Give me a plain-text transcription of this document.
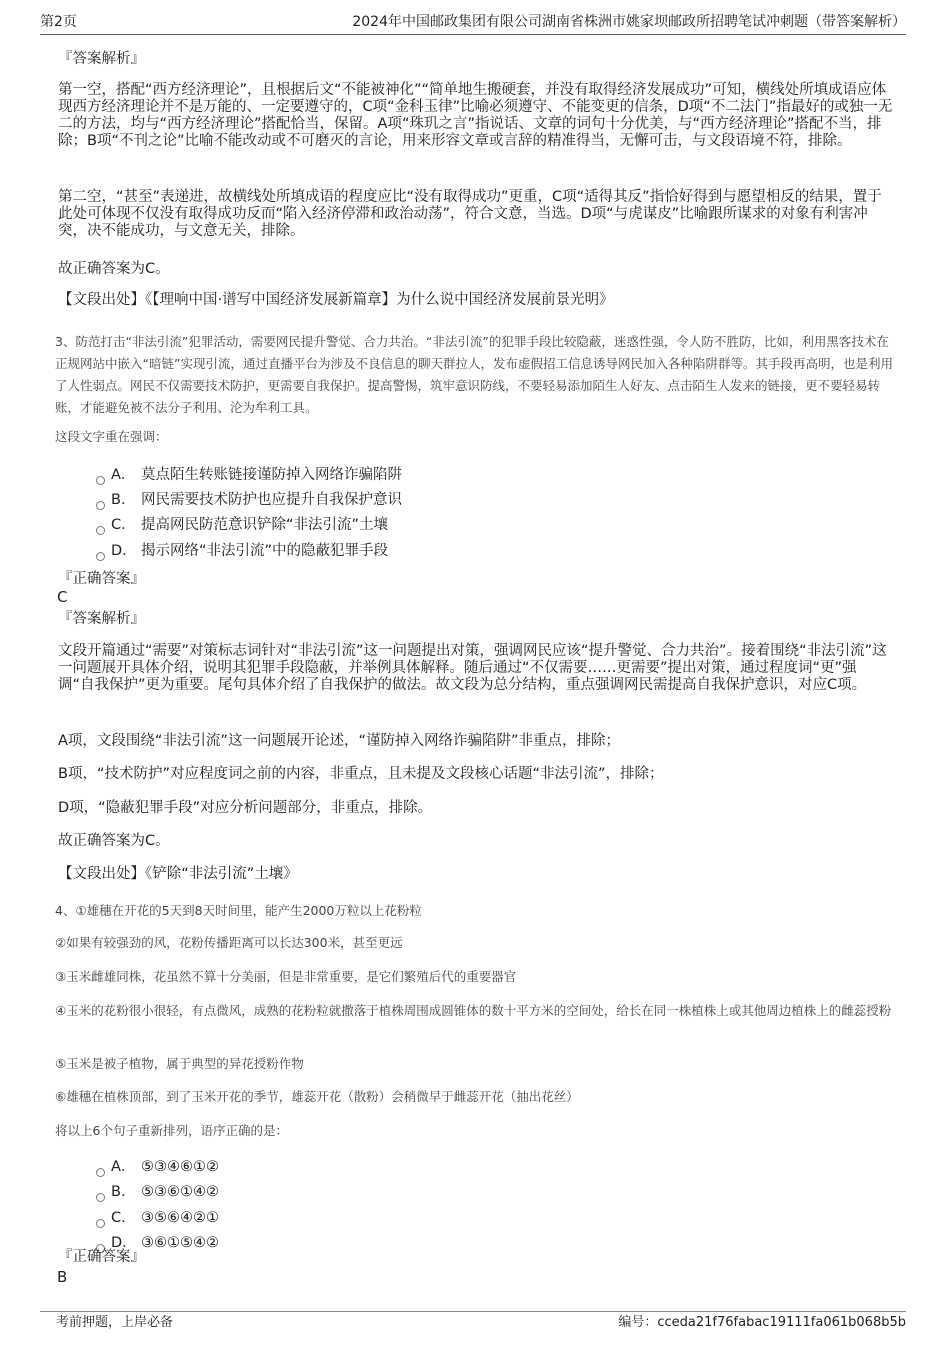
第2页	2024年中国邮政集团有限公司湖南省株洲市姚家坝邮政所招聘笔试冲刺题（带答案解析）
『答案解析』

第一空，搭配“西方经济理论”，且根据后文“不能被神化”“简单地生搬硬套，并没有取得经济发展成功”可知，横线处所填成语应体现西方经济理论并不是万能的、一定要遵守的，C项“金科玉律”比喻必须遵守、不能变更的信条，D项“不二法门”指最好的或独一无二的方法，均与“西方经济理论”搭配恰当，保留。A项“珠玑之言”指说话、文章的词句十分优美，与“西方经济理论”搭配不当，排除；B项“不刊之论”比喻不能改动或不可磨灭的言论，用来形容文章或言辞的精准得当，无懈可击，与文段语境不符，排除。

第二空，“甚至”表递进，故横线处所填成语的程度应比“没有取得成功”更重，C项“适得其反”指恰好得到与愿望相反的结果，置于此处可体现不仅没有取得成功反而“陷入经济停滞和政治动荡”，符合文意，当选。D项“与虎谋皮”比喻跟所谋求的对象有利害冲突，决不能成功，与文意无关，排除。

故正确答案为C。

【文段出处】《【理响中国·谱写中国经济发展新篇章】为什么说中国经济发展前景光明》

3、防范打击“非法引流”犯罪活动，需要网民提升警觉、合力共治。“非法引流”的犯罪手段比较隐蔽，迷惑性强，令人防不胜防，比如，利用黑客技术在正规网站中嵌入“暗链”实现引流，通过直播平台为涉及不良信息的聊天群拉人，发布虚假招工信息诱导网民加入各种陷阱群等。其手段再高明，也是利用了人性弱点。网民不仅需要技术防护，更需要自我保护。提高警惕，筑牢意识防线，不要轻易添加陌生人好友、点击陌生人发来的链接，更不要轻易转账，才能避免被不法分子利用、沦为牟利工具。

这段文字重在强调：

A． 莫点陌生转账链接谨防掉入网络诈骗陷阱
B． 网民需要技术防护也应提升自我保护意识
C． 提高网民防范意识铲除“非法引流”土壤
D． 揭示网络“非法引流”中的隐蔽犯罪手段
『正确答案』
C
『答案解析』

文段开篇通过“需要”对策标志词针对“非法引流”这一问题提出对策，强调网民应该“提升警觉、合力共治”。接着围绕“非法引流”这一问题展开具体介绍，说明其犯罪手段隐蔽，并举例具体解释。随后通过“不仅需要……更需要”提出对策，通过程度词“更”强调“自我保护”更为重要。尾句具体介绍了自我保护的做法。故文段为总分结构，重点强调网民需提高自我保护意识，对应C项。

A项，文段围绕“非法引流”这一问题展开论述，“谨防掉入网络诈骗陷阱”非重点，排除；

B项，“技术防护”对应程度词之前的内容，非重点，且未提及文段核心话题“非法引流”，排除；

D项，“隐蔽犯罪手段”对应分析问题部分，非重点，排除。

故正确答案为C。

【文段出处】《铲除“非法引流”土壤》

4、①雄穗在开花的5天到8天时间里，能产生2000万粒以上花粉粒

②如果有较强劲的风，花粉传播距离可以长达300米，甚至更远

③玉米雌雄同株，花虽然不算十分美丽，但是非常重要，是它们繁殖后代的重要器官

④玉米的花粉很小很轻，有点微风，成熟的花粉粒就撒落于植株周围成圆锥体的数十平方米的空间处，给长在同一株植株上或其他周边植株上的雌蕊授粉

⑤玉米是被子植物，属于典型的异花授粉作物

⑥雄穗在植株顶部，到了玉米开花的季节，雄蕊开花（散粉）会稍微早于雌蕊开花（抽出花丝）

将以上6个句子重新排列，语序正确的是：

A． ⑤③④⑥①②
B． ⑤③⑥①④②
C． ③⑤⑥④②①
D． ③⑥①⑤④②
『正确答案』
B
考前押题，上岸必备	编号：cceda21f76fabac19111fa061b068b5b
